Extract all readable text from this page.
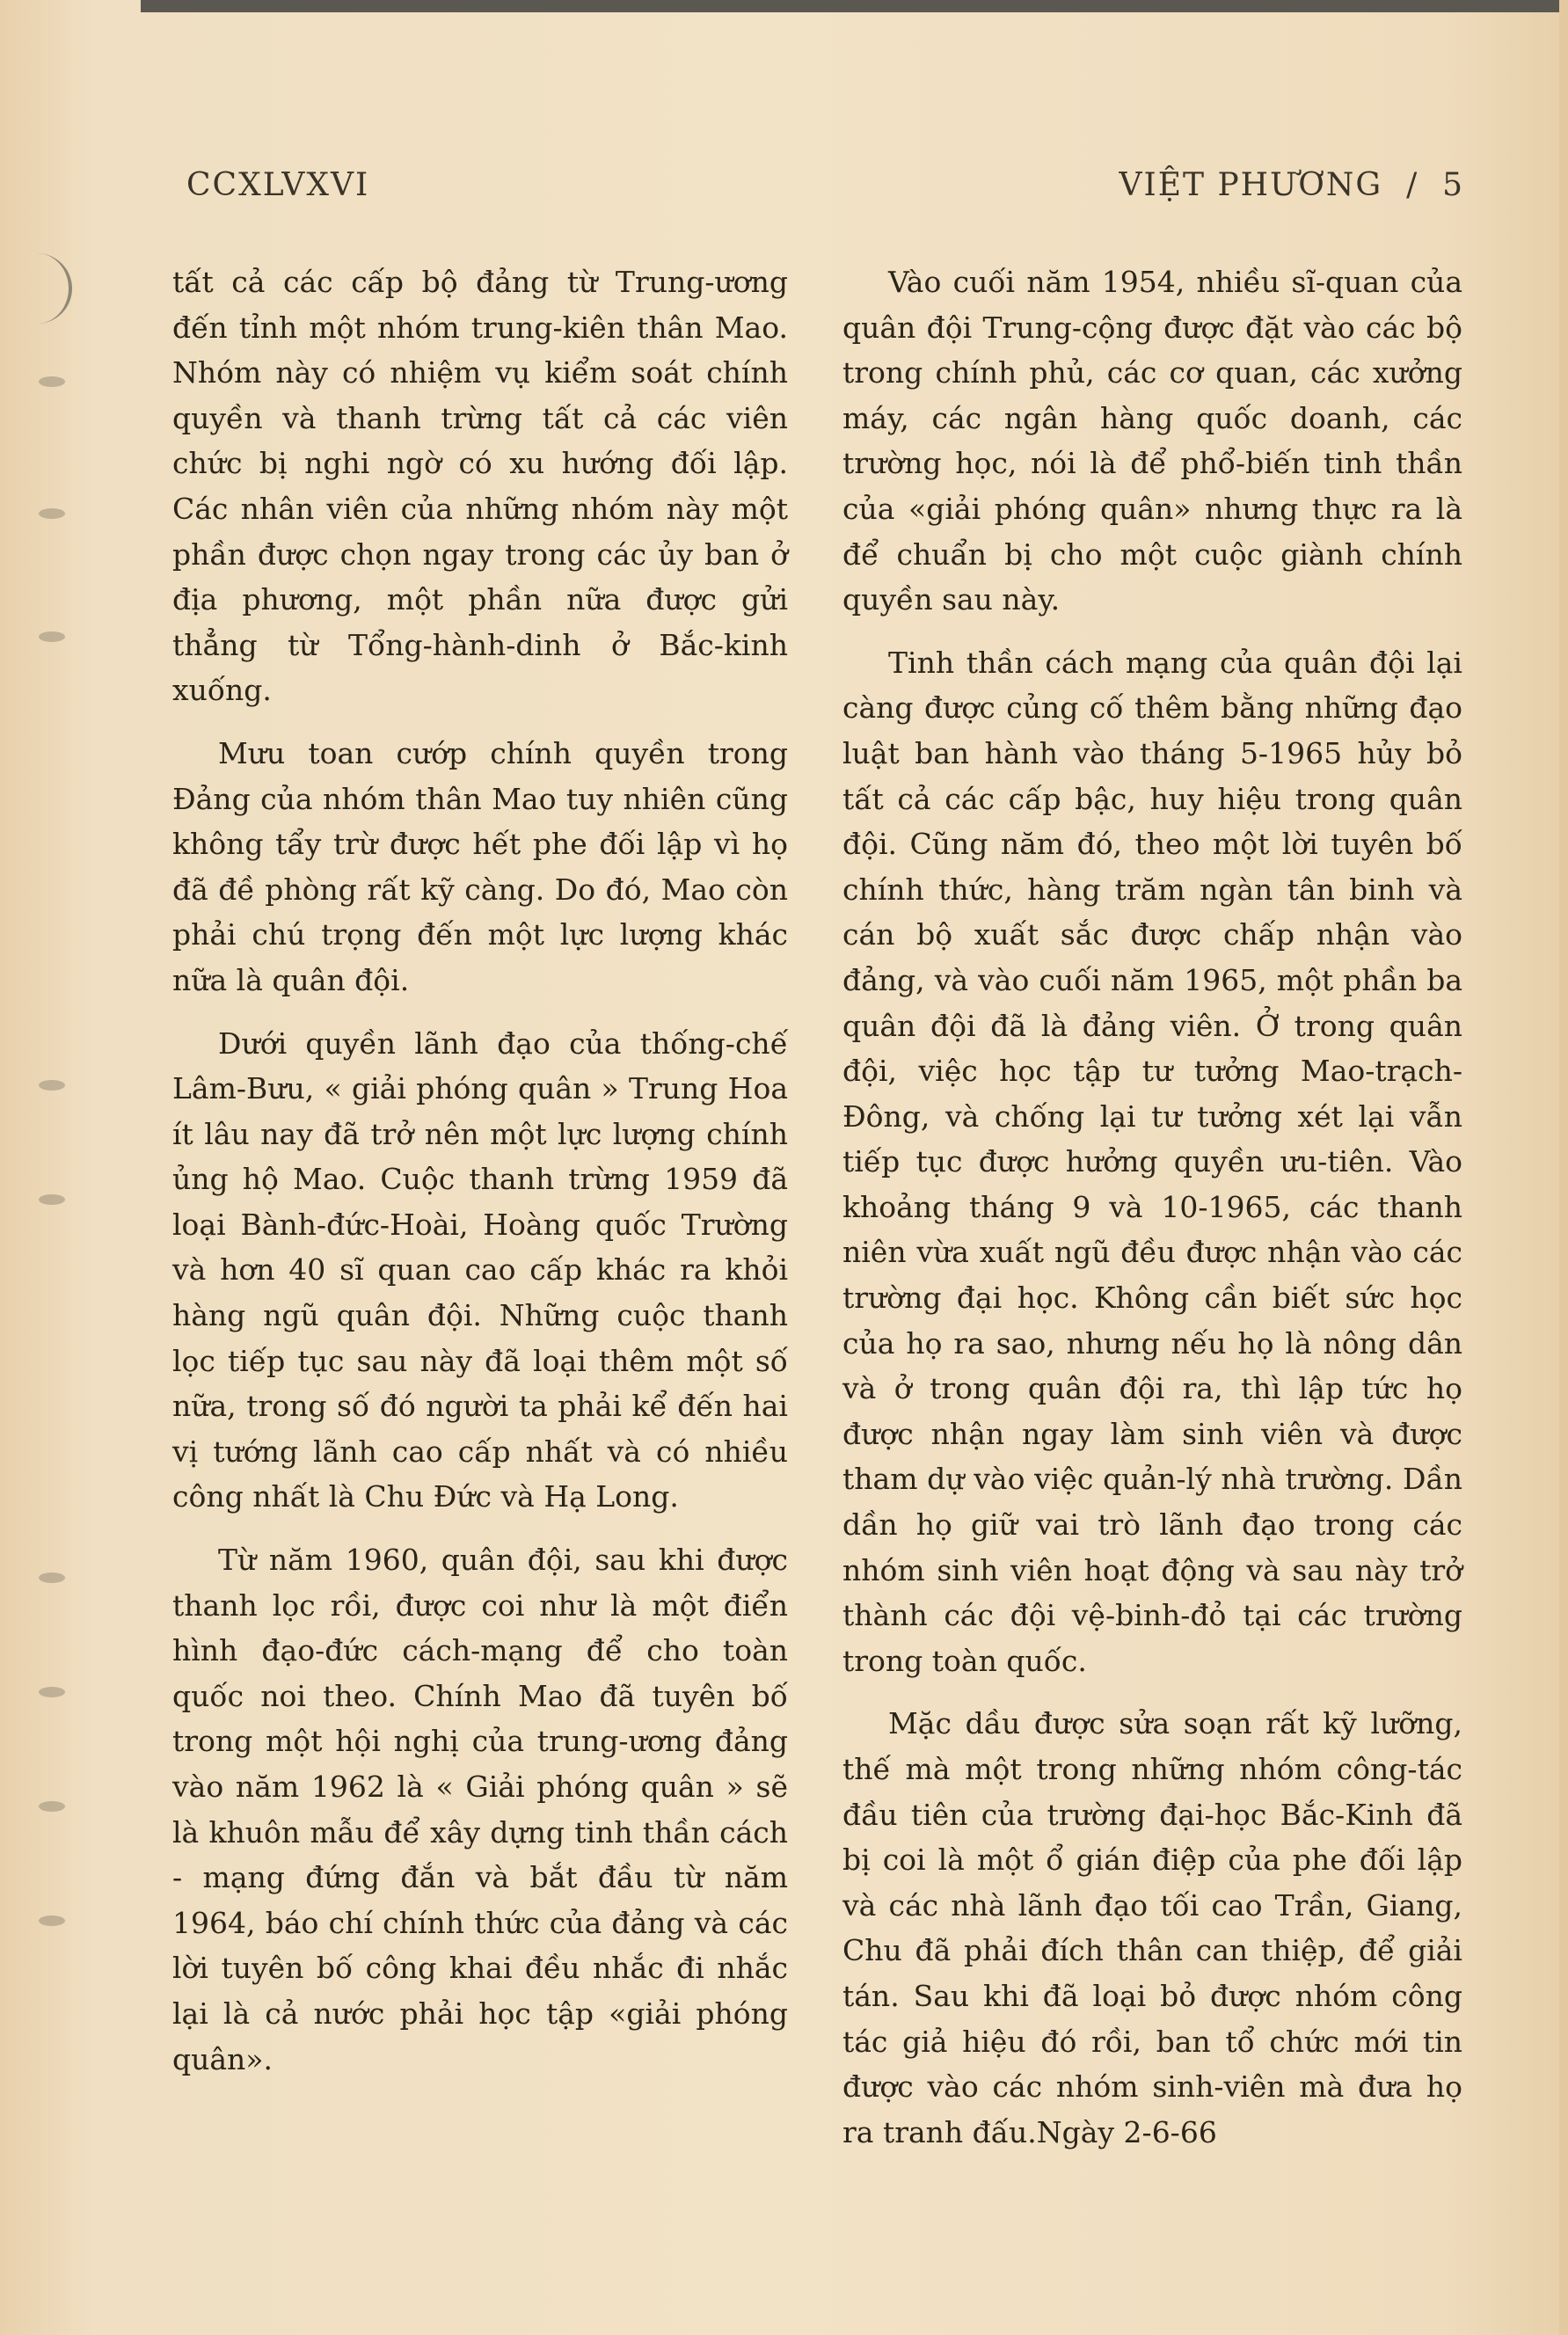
CCXLVXVI	VIỆT PHƯƠNG  /  5

tất cả các cấp bộ đảng từ Trung-ương đến tỉnh một nhóm trung-kiên thân Mao. Nhóm này có nhiệm vụ kiểm soát chính quyền và thanh trừng tất cả các viên chức bị nghi ngờ có xu hướng đối lập. Các nhân viên của những nhóm này một phần được chọn ngay trong các ủy ban ở địa phương, một phần nữa được gửi thẳng từ Tổng-hành-dinh ở Bắc-kinh xuống.

Mưu toan cướp chính quyền trong Đảng của nhóm thân Mao tuy nhiên cũng không tẩy trừ được hết phe đối lập vì họ đã đề phòng rất kỹ càng. Do đó, Mao còn phải chú trọng đến một lực lượng khác nữa là quân đội.

Dưới quyền lãnh đạo của thống-chế Lâm-Bưu, « giải phóng quân » Trung Hoa ít lâu nay đã trở nên một lực lượng chính ủng hộ Mao. Cuộc thanh trừng 1959 đã loại Bành-đức-Hoài, Hoàng quốc Trường và hơn 40 sĩ quan cao cấp khác ra khỏi hàng ngũ quân đội. Những cuộc thanh lọc tiếp tục sau này đã loại thêm một số nữa, trong số đó người ta phải kể đến hai vị tướng lãnh cao cấp nhất và có nhiều công nhất là Chu Đức và Hạ Long.

Từ năm 1960, quân đội, sau khi được thanh lọc rồi, được coi như là một điển hình đạo-đức cách-mạng để cho toàn quốc noi theo. Chính Mao đã tuyên bố trong một hội nghị của trung-ương đảng vào năm 1962 là « Giải phóng quân » sẽ là khuôn mẫu để xây dựng tinh thần cách - mạng đứng đắn và bắt đầu từ năm 1964, báo chí chính thức của đảng và các lời tuyên bố công khai đều nhắc đi nhắc lại là cả nước phải học tập «giải phóng quân».

Vào cuối năm 1954, nhiều sĩ-quan của quân đội Trung-cộng được đặt vào các bộ trong chính phủ, các cơ quan, các xưởng máy, các ngân hàng quốc doanh, các trường học, nói là để phổ-biến tinh thần của «giải phóng quân» nhưng thực ra là để chuẩn bị cho một cuộc giành chính quyền sau này.

Tinh thần cách mạng của quân đội lại càng được củng cố thêm bằng những đạo luật ban hành vào tháng 5-1965 hủy bỏ tất cả các cấp bậc, huy hiệu trong quân đội. Cũng năm đó, theo một lời tuyên bố chính thức, hàng trăm ngàn tân binh và cán bộ xuất sắc được chấp nhận vào đảng, và vào cuối năm 1965, một phần ba quân đội đã là đảng viên. Ở trong quân đội, việc học tập tư tưởng Mao-trạch-Đông, và chống lại tư tưởng xét lại vẫn tiếp tục được hưởng quyền ưu-tiên. Vào khoảng tháng 9 và 10-1965, các thanh niên vừa xuất ngũ đều được nhận vào các trường đại học. Không cần biết sức học của họ ra sao, nhưng nếu họ là nông dân và ở trong quân đội ra, thì lập tức họ được nhận ngay làm sinh viên và được tham dự vào việc quản-lý nhà trường. Dần dần họ giữ vai trò lãnh đạo trong các nhóm sinh viên hoạt động và sau này trở thành các đội vệ-binh-đỏ tại các trường trong toàn quốc.

Mặc dầu được sửa soạn rất kỹ lưỡng, thế mà một trong những nhóm công-tác đầu tiên của trường đại-học Bắc-Kinh đã bị coi là một ổ gián điệp của phe đối lập và các nhà lãnh đạo tối cao Trần, Giang, Chu đã phải đích thân can thiệp, để giải tán. Sau khi đã loại bỏ được nhóm công tác giả hiệu đó rồi, ban tổ chức mới tin được vào các nhóm sinh-viên mà đưa họ ra tranh đấu.Ngày 2-6-66
